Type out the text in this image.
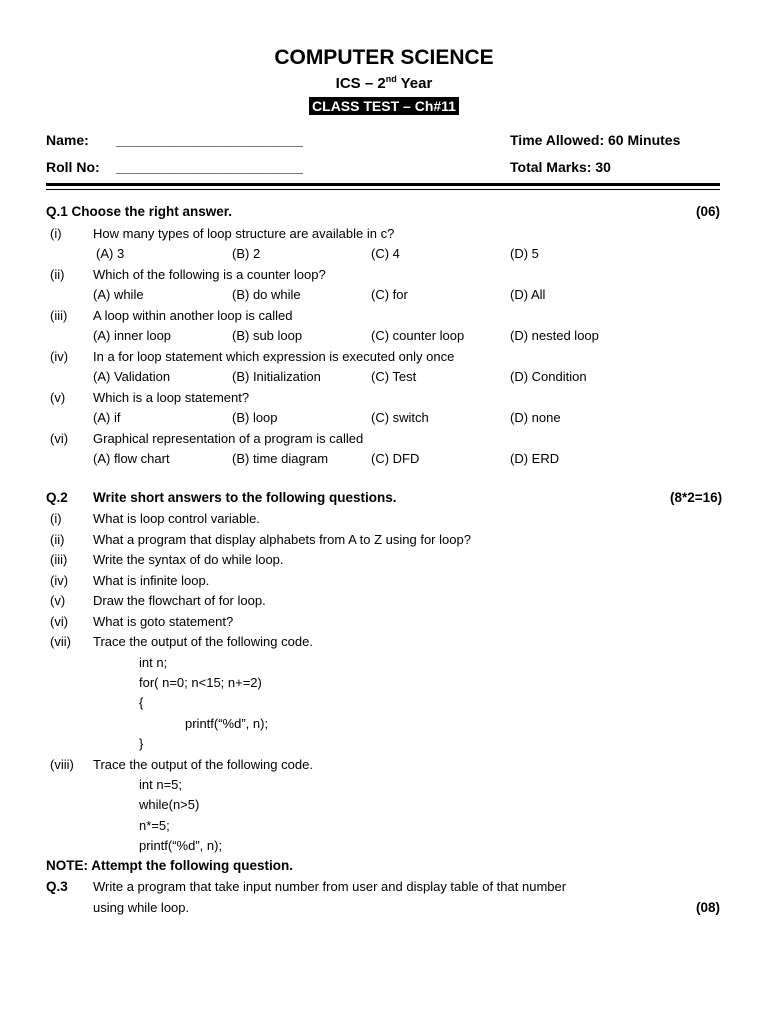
COMPUTER SCIENCE
ICS – 2nd Year
CLASS TEST – Ch#11
Name: ________________________	Time Allowed: 60 Minutes
Roll No: ________________________	Total Marks: 30
Q.1 Choose the right answer.	(06)
(i) How many types of loop structure are available in c?
(A) 3	(B) 2	(C) 4	(D) 5
(ii) Which of the following is a counter loop?
(A) while	(B) do while	(C) for	(D) All
(iii) A loop within another loop is called
(A) inner loop	(B) sub loop	(C) counter loop	(D) nested loop
(iv) In a for loop statement which expression is executed only once
(A) Validation	(B) Initialization	(C) Test	(D) Condition
(v) Which is a loop statement?
(A) if	(B) loop	(C) switch	(D) none
(vi) Graphical representation of a program is called
(A) flow chart	(B) time diagram	(C) DFD	(D) ERD
Q.2 Write short answers to the following questions.	(8*2=16)
(i) What is loop control variable.
(ii) What a program that display alphabets from A to Z using for loop?
(iii) Write the syntax of do while loop.
(iv) What is infinite loop.
(v) Draw the flowchart of for loop.
(vi) What is goto statement?
(vii) Trace the output of the following code.
(viii) Trace the output of the following code.
int n;
for( n=0; n<15; n+=2)
{
printf(“%d”, n);
}
int n=5;
while(n>5)
n*=5;
printf(“%d”, n);
NOTE: Attempt the following question.
Q.3 Write a program that take input number from user and display table of that number
using while loop.	(08)
